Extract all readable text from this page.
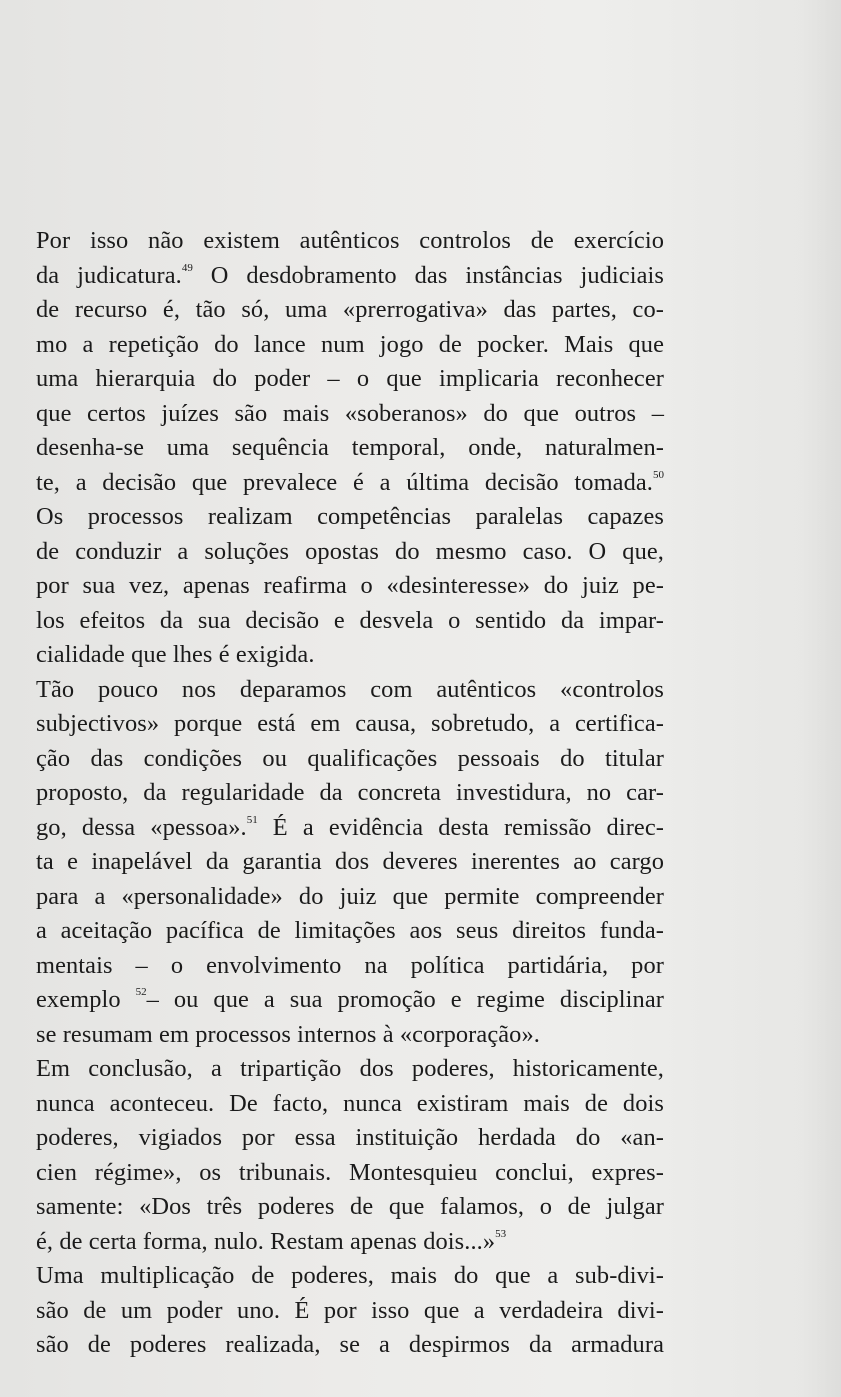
Por isso não existem autênticos controlos de exercício
da judicatura.$^{49}$ O desdobramento das instâncias judiciais
de recurso é, tão só, uma «prerrogativa» das partes, co-
mo a repetição do lance num jogo de pocker. Mais que
uma hierarquia do poder – o que implicaria reconhecer
que certos juízes são mais «soberanos» do que outros –
desenha-se uma sequência temporal, onde, naturalmen-
te, a decisão que prevalece é a última decisão tomada.$^{50}$
Os processos realizam competências paralelas capazes
de conduzir a soluções opostas do mesmo caso. O que,
por sua vez, apenas reafirma o «desinteresse» do juiz pe-
los efeitos da sua decisão e desvela o sentido da impar-
cialidade que lhes é exigida.
Tão pouco nos deparamos com autênticos «controlos
subjectivos» porque está em causa, sobretudo, a certifica-
ção das condições ou qualificações pessoais do titular
proposto, da regularidade da concreta investidura, no car-
go, dessa «pessoa».$^{51}$ É a evidência desta remissão direc-
ta e inapelável da garantia dos deveres inerentes ao cargo
para a «personalidade» do juiz que permite compreender
a aceitação pacífica de limitações aos seus direitos funda-
mentais – o envolvimento na política partidária, por
exemplo $^{52}$– ou que a sua promoção e regime disciplinar
se resumam em processos internos à «corporação».
Em conclusão, a tripartição dos poderes, historicamente,
nunca aconteceu. De facto, nunca existiram mais de dois
poderes, vigiados por essa instituição herdada do «an-
cien régime», os tribunais. Montesquieu conclui, expres-
samente: «Dos três poderes de que falamos, o de julgar
é, de certa forma, nulo. Restam apenas dois...»$^{53}$
Uma multiplicação de poderes, mais do que a sub-divi-
são de um poder uno. É por isso que a verdadeira divi-
são de poderes realizada, se a despirmos da armadura
